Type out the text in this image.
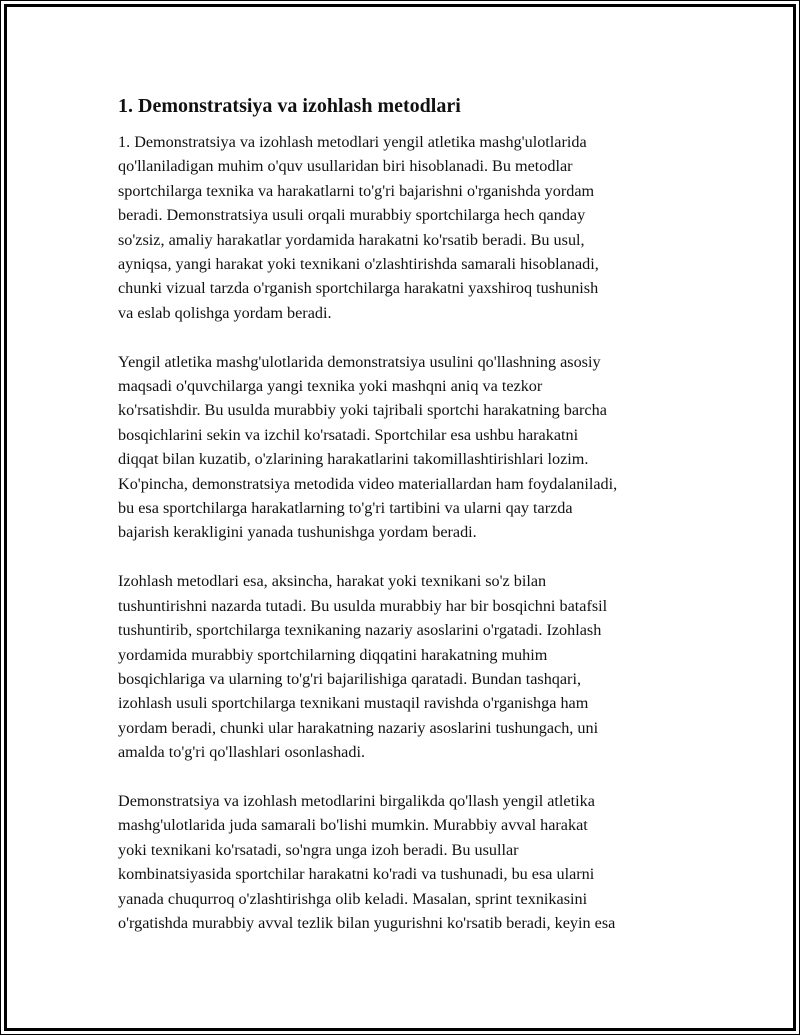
1. Demonstratsiya va izohlash metodlari

1. Demonstratsiya va izohlash metodlari yengil atletika mashg'ulotlarida
qo'llaniladigan muhim o'quv usullaridan biri hisoblanadi. Bu metodlar
sportchilarga texnika va harakatlarni to'g'ri bajarishni o'rganishda yordam
beradi. Demonstratsiya usuli orqali murabbiy sportchilarga hech qanday
so'zsiz, amaliy harakatlar yordamida harakatni ko'rsatib beradi. Bu usul,
ayniqsa, yangi harakat yoki texnikani o'zlashtirishda samarali hisoblanadi,
chunki vizual tarzda o'rganish sportchilarga harakatni yaxshiroq tushunish
va eslab qolishga yordam beradi.

Yengil atletika mashg'ulotlarida demonstratsiya usulini qo'llashning asosiy
maqsadi o'quvchilarga yangi texnika yoki mashqni aniq va tezkor
ko'rsatishdir. Bu usulda murabbiy yoki tajribali sportchi harakatning barcha
bosqichlarini sekin va izchil ko'rsatadi. Sportchilar esa ushbu harakatni
diqqat bilan kuzatib, o'zlarining harakatlarini takomillashtirishlari lozim.
Ko'pincha, demonstratsiya metodida video materiallardan ham foydalaniladi,
bu esa sportchilarga harakatlarning to'g'ri tartibini va ularni qay tarzda
bajarish kerakligini yanada tushunishga yordam beradi.

Izohlash metodlari esa, aksincha, harakat yoki texnikani so'z bilan
tushuntirishni nazarda tutadi. Bu usulda murabbiy har bir bosqichni batafsil
tushuntirib, sportchilarga texnikaning nazariy asoslarini o'rgatadi. Izohlash
yordamida murabbiy sportchilarning diqqatini harakatning muhim
bosqichlariga va ularning to'g'ri bajarilishiga qaratadi. Bundan tashqari,
izohlash usuli sportchilarga texnikani mustaqil ravishda o'rganishga ham
yordam beradi, chunki ular harakatning nazariy asoslarini tushungach, uni
amalda to'g'ri qo'llashlari osonlashadi.

Demonstratsiya va izohlash metodlarini birgalikda qo'llash yengil atletika
mashg'ulotlarida juda samarali bo'lishi mumkin. Murabbiy avval harakat
yoki texnikani ko'rsatadi, so'ngra unga izoh beradi. Bu usullar
kombinatsiyasida sportchilar harakatni ko'radi va tushunadi, bu esa ularni
yanada chuqurroq o'zlashtirishga olib keladi. Masalan, sprint texnikasini
o'rgatishda murabbiy avval tezlik bilan yugurishni ko'rsatib beradi, keyin esa
